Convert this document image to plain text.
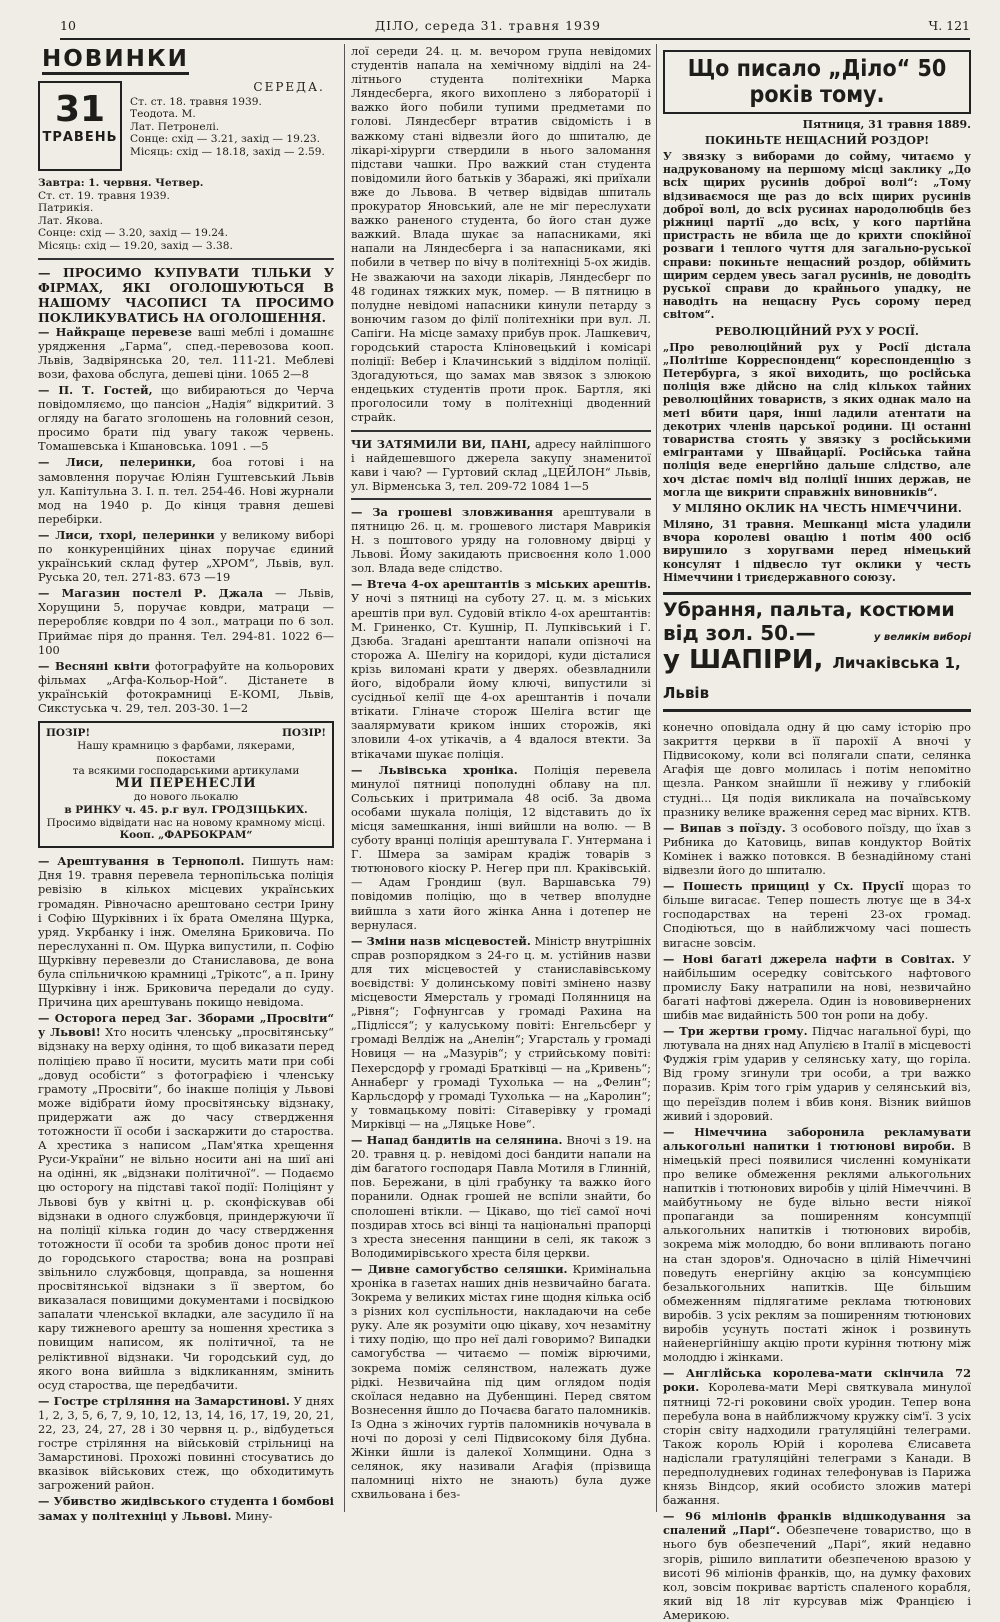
10	ДІЛО, середа 31. травня 1939	Ч. 121
НОВИНКИ
31
ТРАВЕНЬ
СЕРЕДА.
Ст. ст. 18. травня 1939.
Теодота. М.
Лат. Петронелі.
Сонце: схід — 3.21, захід — 19.23.
Місяць: схід — 18.18, захід — 2.59.
Завтра: 1. червня. Четвер.
Ст. ст. 19. травня 1939.
Патрикія.
Лат. Якова.
Сонце: схід — 3.20, захід — 19.24.
Місяць: схід — 19.20, захід — 3.38.
— ПРОСИМО КУПУВАТИ ТІЛЬКИ У ФІРМАХ, ЯКІ ОГОЛОШУЮТЬСЯ В НАШОМУ ЧАСОПИСІ ТА ПРОСИМО ПОКЛИКУВАТИСЬ НА ОГОЛОШЕННЯ.

— Найкраще перевезе ваші меблі і домашнє урядження „Гарма“, спед.-перевозова кооп. Львів, Задвірянська 20, тел. 111-21. Меблеві вози, фахова обслуга, дешеві ціни. 1065 2—8

— П. Т. Гостей, що вибираються до Черча повідомляємо, що пансіон „Надія“ відкритий. З огляду на багато зголошень на головний сезон, просимо брати під увагу також червень. Томашевська і Кшановська. 1091 . —5

— Лиси, пелеринки, боа готові і на замовлення поручає Юліян Гуштевський Львів ул. Капітульна 3. I. п. тел. 254-46. Нові журнали мод на 1940 р. До кінця травня дешеві перебірки.

— Лиси, тхорі, пелеринки у великому виборі по конкуренційних цінах поручає єдиний український склад футер „ХРОМ“, Львів, вул. Руська 20, тел. 271-83. 673 —19

— Магазин постелі Р. Джала — Львів, Хорущини 5, поручає ковдри, матраци — переробляє ковдри по 4 зол., матраци по 6 зол. Приймає піря до прання. Тел. 294-81. 1022 6—100

— Весняні квіти фотографуйте на кольорових фільмах „Агфа-Кольор-Ной“. Дістанете в українській фотокрамниці Е-КОМІ, Львів, Сикстуська ч. 29, тел. 203-30. 1—2

ПОЗІР!	ПОЗІР!
Нашу крамницю з фарбами, лякерами, покостами
та всякими господарськими артикулами
МИ ПЕРЕНЕСЛИ
до нового льокалю
в РИНКУ ч. 45. р.г вул. ГРОДЗІЦЬКИХ.
Просимо відвідати нас на новому крамному місці.
Кооп. „ФАРБОКРАМ“

— Арештування в Тернополі. Пишуть нам: Дня 19. травня перевела тернопільська поліція ревізію в кількох місцевих українських громадян. Рівночасно арештовано сестри Ірину і Софію Щурківних і їх брата Омеляна Щурка, уряд. Укрбанку і інж. Омеляна Бриковича. По переслуханні п. Ом. Щурка випустили, п. Софію Щурківну перевезли до Станиславова, де вона була спільничкою крамниці „Трікотс“, а п. Ірину Щурківну і інж. Бриковича передали до суду. Причина цих арештувань покищо невідома.

— Осторога перед Заг. Зборами „Просвіти“ у Львові! Хто носить членську „просвітянську“ відзнаку на верху одіння, то щоб виказати перед поліцією право її носити, мусить мати при собі „довуд особісти“ з фотографією і членську грамоту „Просвіти“, бо інакше поліція у Львові може відібрати йому просвітянську відзнаку, придержати аж до часу ствердження тотожности її особи і заскаржити до староства. А хрестика з написом „Пам'ятка хрещення Руси-України“ не вільно носити ані на шиї ані на одінні, як „відзнаки політичної“. — Подаємо цю осторогу на підставі такої події: Поліціянт у Львові був у квітні ц. р. сконфіскував обі відзнаки в одного службовця, приндержуючи її на поліції кілька годин до часу ствердження тотожности її особи та зробив донос проти неї до городського староства; вона на розправі звільнило службовця, щоправда, за ношення просвітянської відзнаки з її звертом, бо виказалася повищими документами і посвідкою запалати членської вкладки, але засудило її на кару тижневого арешту за ношення хрестика з повищим написом, як політичної, та не реліктивної відзнаки. Чи городський суд, до якого вона вийшла з відкликанням, змінить осуд староства, ще передбачити.

— Гостре стріляння на Замарстинові. У днях 1, 2, 3, 5, 6, 7, 9, 10, 12, 13, 14, 16, 17, 19, 20, 21, 22, 23, 24, 27, 28 і 30 червня ц. р., відбудеться гостре стріляння на військовій стрільниці на Замарстинові. Прохожі повинні стосуватись до вказівок військових стеж, що обходитимуть загрожений район.

— Убивство жидівського студента і бомбові замах у політехніці у Львові. Мину-

лої середи 24. ц. м. вечором група невідомих студентів напала на хемічному відділі на 24-літнього студента політехніки Марка Ляндесберга, якого вихоплено з лябораторії і важко його побили тупими предметами по голові. Ляндесберг втратив свідомість і в важкому стані відвезли його до шпиталю, де лікарі-хірурги ствердили в нього заломання підстави чашки. Про важкий стан студента повідомили його батьків у Збаражі, які приїхали вже до Львова. В четвер відвідав шпиталь прокуратор Яновський, але не міг переслухати важко раненого студента, бо його стан дуже важкий. Влада шукає за напасниками, які напали на Ляндесберга і за напасниками, які побили в четвер по вічу в політехніці 5-ох жидів. Не зважаючи на заходи лікарів, Ляндесберг по 48 годинах тяжких мук, помер. — В пятницю в полудне невідомі напасники кинули петарду з вонючим газом до філії політехніки при вул. Л. Сапіги. На місце замаху прибув прок. Лашкевич, городський староста Кліновецький і комісарі поліції: Вебер і Клачинський з відділом поліції. Здогадуються, що замах мав звязок з злюкою ендецьких студентів проти прок. Бартля, які проголосили тому в політехніці дводенний страйк.

ЧИ ЗАТЯМИЛИ ВИ, ПАНІ, адресу найліпшого і найдешевшого джерела закупу знаменитої кави і чаю? — Гуртовий склад „ЦЕЙЛОН“ Львів, ул. Вірменська 3, тел. 209-72 1084 1—5

— За грошеві зловживання арештували в пятницю 26. ц. м. грошевого листаря Маврикія Н. з поштового уряду на головному двірці у Львові. Йому закидають присвоєння коло 1.000 зол. Влада веде слідство.

— Втеча 4-ох арештантів з міських арештів. У ночі з пятниці на суботу 27. ц. м. з міських арештів при вул. Судовій втікло 4-ох арештантів: М. Гриненко, Ст. Кушнір, П. Лупківський і Г. Дзюба. Згадані арештанти напали опізночі на сторожа А. Шелігу на коридорі, куди дісталися крізь виломані крати у дверях. обезвладнили його, відобрали йому ключі, випустили зі сусідньої келії ще 4-ох арештантів і почали втікати. Гліначе сторож Шеліга встиг ще заалярмувати криком інших сторожів, які зловили 4-ох утікачів, а 4 вдалося втекти. За втікачами шукає поліція.

— Львівська хроніка. Поліція перевела минулої пятниці пополудні облаву на пл. Сольських і притримала 48 осіб. За двома особами шукала поліція, 12 відставить до їх місця замешкання, інші вийшли на волю. — В суботу вранці поліція арештувала Г. Унтермана і Г. Шмера за замірам крадіж товарів з тютюнового кіоску Р. Негер при пл. Краківській. — Адам Грондиш (вул. Варшавська 79) повідомив поліцію, що в четвер вполудне вийшла з хати його жінка Анна і дотепер не вернулася.

— Зміни назв місцевостей. Міністр внутрішніх справ розпорядком з 24-го ц. м. устійнив назви для тих місцевостей у станиславівському воєвідстві: У долинському повіті змінено назву місцевости Ямерсталь у громаді Полянниця на „Рівня“; Гофнунгсав у громаді Рахина на „Підлісся“; у калуському повіті: Енгельсберг у громаді Велдіж на „Анелін“; Угарсталь у громаді Новиця — на „Мазурів“; у стрийському повіті: Пехерсдорф у громаді Братківці — на „Кривень“; Аннаберг у громаді Тухолька — на „Фелин“; Карльсдорф у громаді Тухолька — на „Каролин“; у товмацькому повіті: Сітаверівку у громаді Мирківці — на „Ляцьке Нове“.

— Напад бандитів на селянина. Вночі з 19. на 20. травня ц. р. невідомі досі бандити напали на дім багатого господаря Павла Мотиля в Глинній, пов. Бережани, в цілі грабунку та важко його поранили. Однак грошей не вспіли знайти, бо сполошені втікли. — Цікаво, що тієї самої ночі поздирав хтось всі вінці та національні прапорці з хреста знесення панщини в селі, як також з Володимирівського хреста біля церкви.

— Дивне самогубство селяшки. Кримінальна хроніка в газетах наших днів незвичайно багата. Зокрема у великих містах гине щодня кілька осіб з різних кол суспільности, накладаючи на себе руку. Але як розуміти оцю цікаву, хоч незамітну і тиху подію, що про неї далі говоримо? Випадки самогубства — читаємо — поміж вірючими, зокрема поміж селянством, належать дуже рідкі. Незвичайна під цим оглядом подія скоїлася недавно на Дубенщині. Перед святом Вознесення йшло до Почаєва багато паломників. Із Одна з жіночих гуртів паломників ночувала в ночі по дорозі у селі Підвисокому біля Дубна. Жінки йшли із далекої Холмщини. Одна з селянок, яку називали Агафія (прізвища паломниці ніхто не знають) була дуже схвильована і без-

Що писало „Діло“ 50 років тому.
Пятниця, 31 травня 1889.
ПОКИНЬТЕ НЕЩАСНИЙ РОЗДОР!

У звязку з виборами до сойму, читаємо у надрукованому на першому місці заклику „До всіх щирих русинів доброї волі“: „Тому відзиваємося ще раз до всіх щирих русинів доброї волі, до всіх русинах народолюбців без ріжниці партії „до всіх, у кого партійна пристрасть не вбила ще до крихти спокійної розваги і теплого чуття для загально-руської справи: покиньте нещасний роздор, обіймить щирим сердем увесь загал русинів, не доводіть руської справи до крайнього упадку, не наводіть на нещасну Русь сорому перед світом“.

РЕВОЛЮЦІЙНИЙ РУХ У РОСІЇ.

„Про революційний рух у Росії дістала „Політіше Корреспонденц“ кореспонденцію з Петербурга, з якої виходить, що російська поліція вже дійсно на слід кількох тайних революційних товариств, з яких однак мало на меті вбити царя, інші ладили атентати на декотрих членів царської родини. Ці останні товариства стоять у звязку з російськими емігрантами у Швайцарії. Російська тайна поліція веде енергійно дальше слідство, але хоч дістає поміч від поліції інших держав, не могла ще викрити справжніх виновників“.

У МІЛЯНО ОКЛИК НА ЧЕСТЬ НІМЕЧЧИНИ.

Міляно, 31 травня. Мешканці міста уладили вчора королеві овацію і потім 400 осіб вирушило з хоругвами перед німецький консулят і підвесло тут оклики у честь Німеччини і триєдержавного союзу.

Убрання, пальта, костюми
від зол. 50.—	у великім виборі
у ШАПІРИ, Личаківська 1, Львів

конечно оповідала одну й цю саму історію про закриття церкви в її парохії А вночі у Підвисокому, коли всі полягали спати, селянка Агафія ще довго молилась і потім непомітно щезла. Ранком знайшли її неживу у глибокій студні... Ця подія викликала на почаївському празнику велике враження серед мас вірних. КТВ.

— Випав з поїзду. З особового поїзду, що їхав з Рибника до Катовиць, випав кондуктор Войтіх Комінек і важко потовкся. В безнадійному стані відвезли його до шпиталю.

— Пошесть прищиці у Сх. Прусії щораз то більше вигасає. Тепер пошесть лютує ще в 34-х господарствах на терені 23-ох громад. Сподіються, що в найближчому часі пошесть вигасне зовсім.

— Нові багаті джерела нафти в Совітах. У найбільшим осередку совітського нафтового промислу Баку натрапили на нові, незвичайно багаті нафтові джерела. Один із нововивернених шибів має видайність 500 тон ропи на добу.

— Три жертви грому. Підчас нагальної бурі, що лютувала на днях над Апулією в Італії в місцевості Фуджія грім ударив у селянську хату, що горіла. Від грому згинули три особи, а три важко поразив. Крім того грім ударив у селянський віз, що переїздив полем і вбив коня. Візник вийшов живий і здоровий.

— Німеччина заборонила рекламувати алькогольні напитки і тютюнові вироби. В німецькій пресі появилися численні комунікати про велике обмеження реклями алькогольних напитків і тютюнових виробів у цілій Німеччині. В майбутньому не буде вільно вести ніякої пропаганди за поширенням консумпції алькогольних напитків і тютюнових виробів, зокрема між молоддю, бо вони впливають погано на стан здоров'я. Одночасно в цілій Німеччині поведуть енергійну акцію за консумпцією безалькогольних напитків. Ще більшим обмеженням підлягатиме реклама тютюнових виробів. З усіх реклям за поширенням тютюнових виробів усунуть постаті жінок і розвинуть найенергійнішу акцію проти куріння тютюну між молоддю і жінками.

— Англійська королева-мати скінчила 72 роки. Королева-мати Мері святкувала минулої пятниці 72-гі роковини своїх уродин. Тепер вона перебула вона в найближчому кружку сім'ї. З усіх сторін світу надходили гратуляційні телеграми. Також король Юрій і королева Єлисавета надіслали гратуляційні телеграми з Канади. В передполудневих годинах телефонував із Парижа князь Віндсор, який особисто зложив матері бажання.

— 96 міліонів франків відшкодування за спалений „Парі“. Обезпечене товариство, що в нього був обезпечений „Парі“, який недавно згорів, рішило виплатити обезпеченою вразою у висоті 96 міліонів франків, що, на думку фахових кол, зовсім покриває вартість спаленого корабля, який від 18 літ курсував між Францією і Америкою.
